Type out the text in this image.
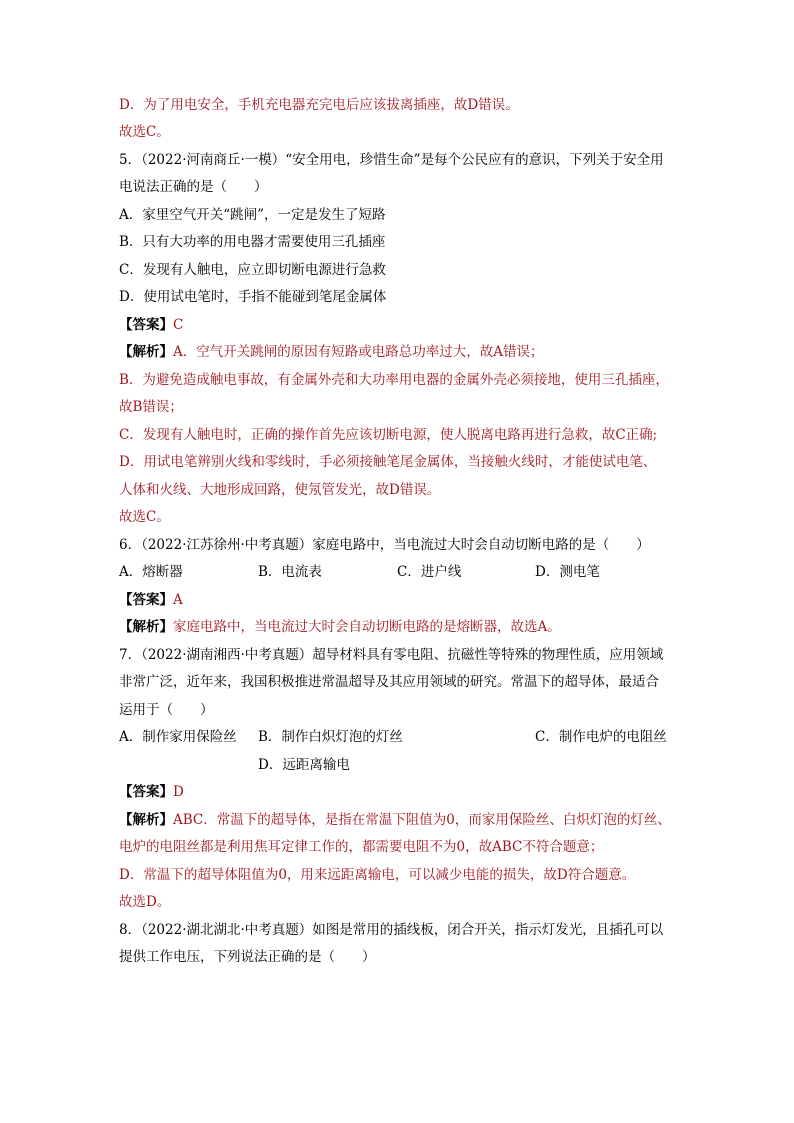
D．为了用电安全，手机充电器充完电后应该拔离插座，故D错误。
故选C。
5．（2022·河南商丘·一模）“安全用电，珍惜生命”是每个公民应有的意识，下列关于安全用
电说法正确的是（　　）
A．家里空气开关“跳闸”，一定是发生了短路
B．只有大功率的用电器才需要使用三孔插座
C．发现有人触电，应立即切断电源进行急救
D．使用试电笔时，手指不能碰到笔尾金属体
【答案】C
【解析】A．空气开关跳闸的原因有短路或电路总功率过大，故A错误；
B．为避免造成触电事故，有金属外壳和大功率用电器的金属外壳必须接地，使用三孔插座，
故B错误；
C．发现有人触电时，正确的操作首先应该切断电源，使人脱离电路再进行急救，故C正确;
D．用试电笔辨别火线和零线时，手必须接触笔尾金属体，当接触火线时，才能使试电笔、
人体和火线、大地形成回路，使氖管发光，故D错误。
故选C。
6．（2022·江苏徐州·中考真题）家庭电路中，当电流过大时会自动切断电路的是（　　）
A．熔断器	B．电流表	C．进户线	D．测电笔
【答案】A
【解析】家庭电路中，当电流过大时会自动切断电路的是熔断器，故选A。
7．（2022·湖南湘西·中考真题）超导材料具有零电阻、抗磁性等特殊的物理性质，应用领域
非常广泛，近年来，我国积极推进常温超导及其应用领域的研究。常温下的超导体，最适合
运用于（　　）
A．制作家用保险丝 B．制作白炽灯泡的灯丝	C．制作电炉的电阻丝
D．远距离输电
【答案】D
【解析】ABC．常温下的超导体，是指在常温下阻值为0，而家用保险丝、白炽灯泡的灯丝、
电炉的电阻丝都是利用焦耳定律工作的，都需要电阻不为0，故ABC不符合题意；
D．常温下的超导体阻值为0，用来远距离输电，可以减少电能的损失，故D符合题意。
故选D。
8．（2022·湖北湖北·中考真题）如图是常用的插线板，闭合开关，指示灯发光，且插孔可以
提供工作电压，下列说法正确的是（　　）
